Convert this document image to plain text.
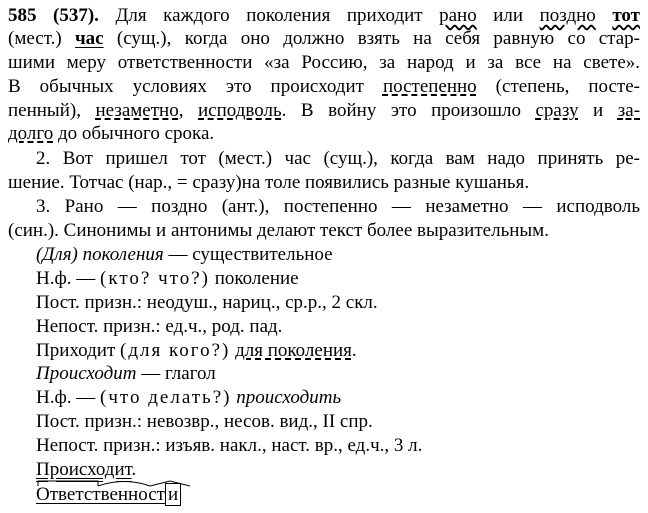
585 (537). Для каждого поколения приходит рано или поздно тот
(мест.) час (сущ.), когда оно должно взять на себя равную со стар-
шими меру ответственности «за Россию, за народ и за все на свете».
В обычных условиях это происходит постепенно (степень, посте-
пенный), незаметно, исподволь. В войну это произошло сразу и за-
долго до обычного срока.
2. Вот пришел тот (мест.) час (сущ.), когда вам надо принять ре-
шение. Тотчас (нар., = сразу)на толе появились разные кушанья.
3. Рано — поздно (ант.), постепенно — незаметно — исподволь
(син.). Синонимы и антонимы делают текст более выразительным.
(Для) поколения — существительное
Н.ф. — (кто? что?) поколение
Пост. призн.: неодуш., нариц., ср.р., 2 скл.
Непост. призн.: ед.ч., род. пад.
Приходит (для кого?) для поколения.
Происходит — глагол
Н.ф. — (что делать?) происходить
Пост. призн.: невозвр., несов. вид., II спр.
Непост. призн.: изъяв. накл., наст. вр., ед.ч., 3 л.
Происходит.
Ответственност и
